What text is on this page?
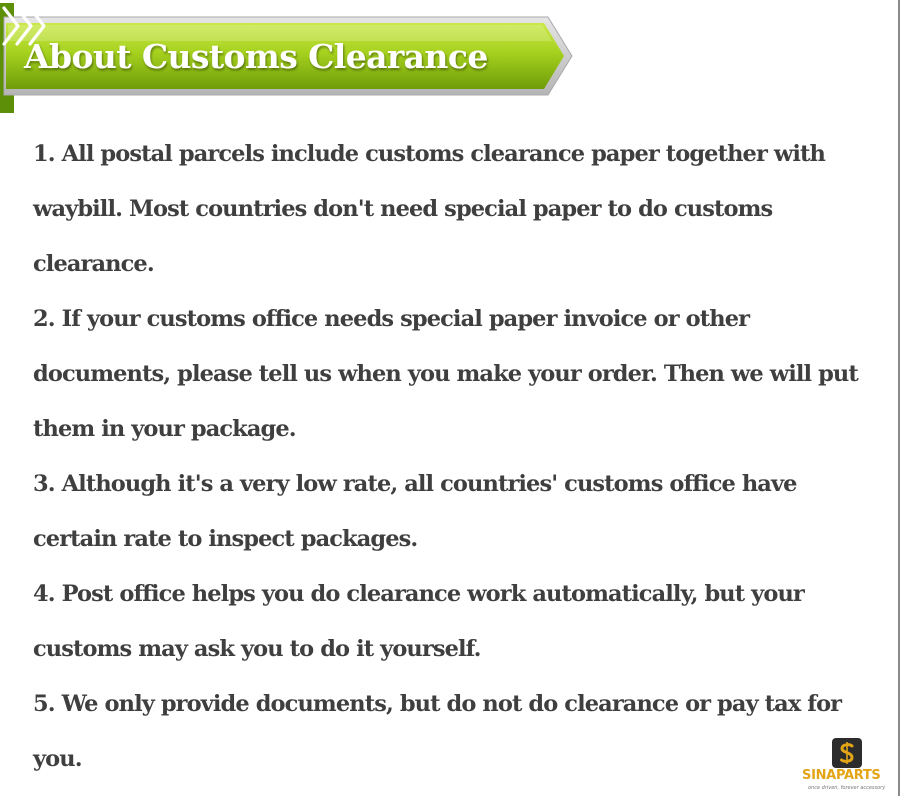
About Customs Clearance

1. All postal parcels include customs clearance paper together with waybill. Most countries don't need special paper to do customs clearance.

2. If your customs office needs special paper invoice or other documents, please tell us when you make your order. Then we will put them in your package.

3. Although it's a very low rate, all countries' customs office have certain rate to inspect packages.

4. Post office helps you do clearance work automatically, but your customs may ask you to do it yourself.

5. We only provide documents, but do not do clearance or pay tax for you.

SINAPARTS
once driven, forever accessory
